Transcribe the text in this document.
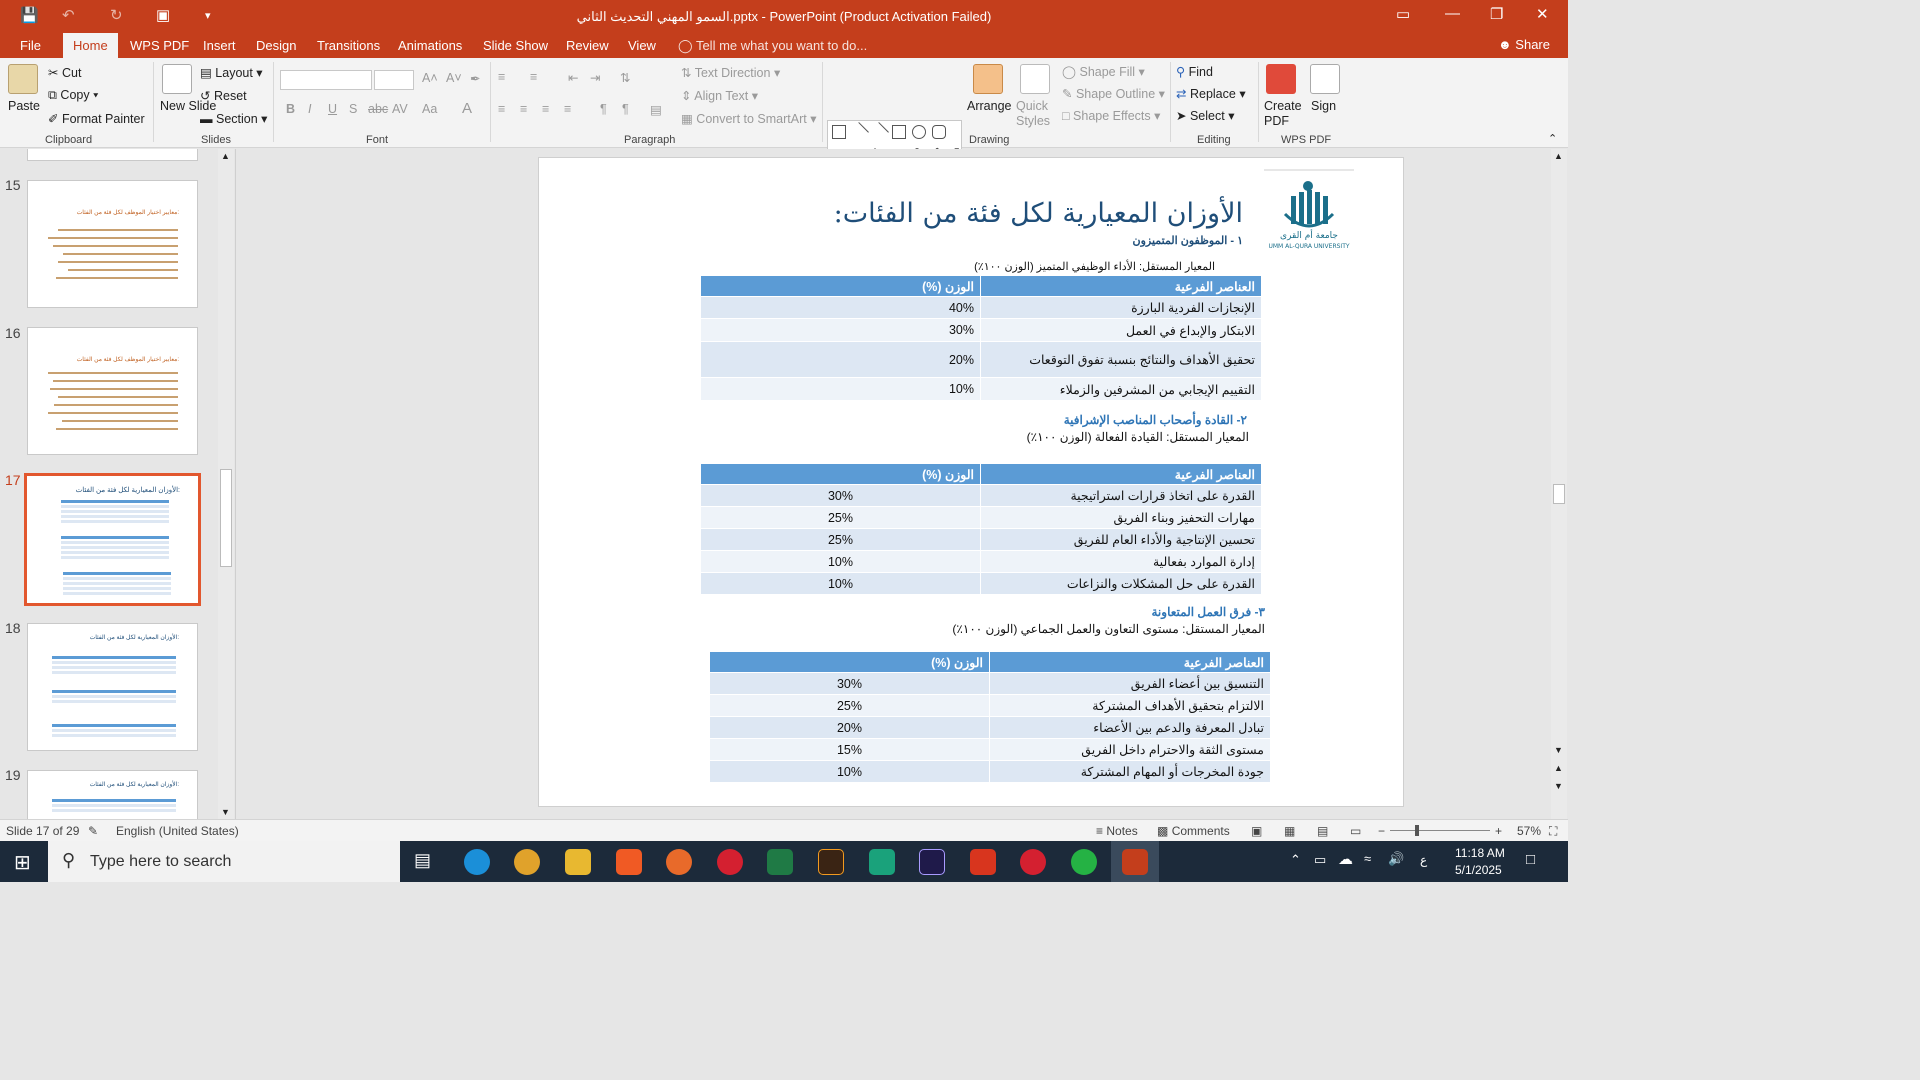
💾 ↶ ↻ ▣	▾	السمو المهني التحديث الثاني.pptx - PowerPoint (Product Activation Failed)	▭ — ❐ ✕
File	Home	WPS PDF Insert Design Transitions Animations Slide Show Review View ◯ Tell me what you want to do...	☻ Share
Paste
✂ Cut
⧉ Copy ▾
✐ Format Painter
Clipboard
New Slide
▤ Layout ▾
↺ Reset
▬ Section ▾
Slides
A˄ A˅ ✒
B I U S abc AV Aa A
Font
≡ ≡ ⇤ ⇥ ⇅
≡ ≡ ≡ ≡ ¶ ¶ ▤
⇅ Text Direction ▾
⇕ Align Text ▾
▦ Convert to SmartArt ▾
Paragraph
Arrange Quick Styles
◯ Shape Fill ▾
✎ Shape Outline ▾
□ Shape Effects ▾
Drawing
⚲ Find
⇄ Replace ▾
➤ Select ▾
Editing
Create PDF
Sign
WPS PDF	⌃
15
معايير اختيار الموظف لكل فئة من الفئات:
16
معايير اختيار الموظف لكل فئة من الفئات:
17
الأوزان المعيارية لكل فئة من الفئات:
18
الأوزان المعيارية لكل فئة من الفئات:
19
الأوزان المعيارية لكل فئة من الفئات:
▲
▼
جامعة أم القرى
UMM AL-QURA UNIVERSITY
الأوزان المعيارية لكل فئة من الفئات:
١ - الموظفون المتميزون
المعيار المستقل: الأداء الوظيفي المتميز (الوزن ١٠٠٪)
العناصر الفرعية	الوزن (%)
الإنجازات الفردية البارزة	40%
الابتكار والإبداع في العمل	30%
تحقيق الأهداف والنتائج بنسبة تفوق التوقعات	20%
التقييم الإيجابي من المشرفين والزملاء	10%
٢- القادة وأصحاب المناصب الإشرافية
المعيار المستقل: القيادة الفعالة (الوزن ١٠٠٪)
العناصر الفرعية	الوزن (%)
القدرة على اتخاذ قرارات استراتيجية	30%
مهارات التحفيز وبناء الفريق	25%
تحسين الإنتاجية والأداء العام للفريق	25%
إدارة الموارد بفعالية	10%
القدرة على حل المشكلات والنزاعات	10%
٣- فرق العمل المتعاونة
المعيار المستقل: مستوى التعاون والعمل الجماعي (الوزن ١٠٠٪)
العناصر الفرعية	الوزن (%)
التنسيق بين أعضاء الفريق	30%
الالتزام بتحقيق الأهداف المشتركة	25%
تبادل المعرفة والدعم بين الأعضاء	20%
مستوى الثقة والاحترام داخل الفريق	15%
جودة المخرجات أو المهام المشتركة	10%
▲
▼
▲
▼
Slide 17 of 29 ✎ English (United States)	≡ Notes ▩ Comments ▣ ▦ ▤ ▭ −	+ 57% ⛶
⊞ ⚲ Type here to search	▤	⌃ ▭ ☁ ≈ 🔊 ع 11:18 AM
5/1/2025
□
